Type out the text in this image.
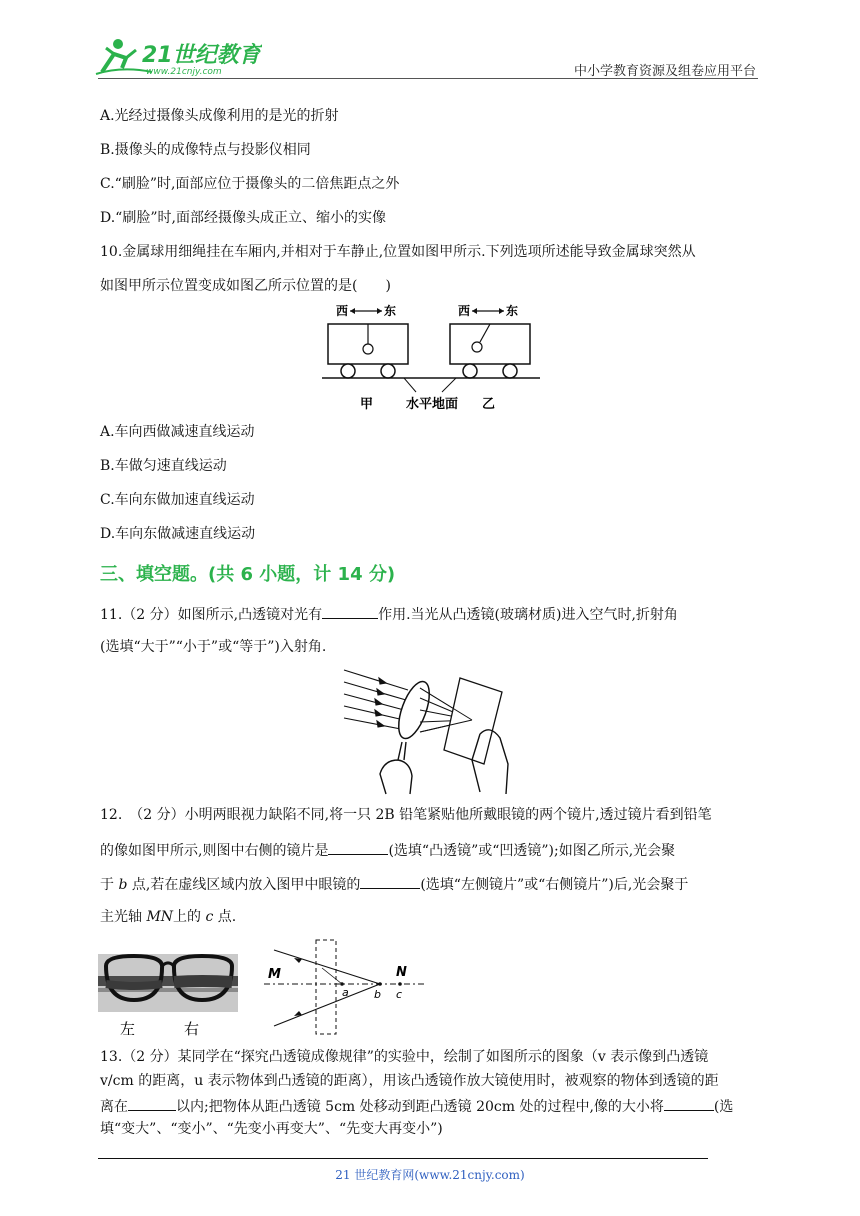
21世纪教育
www.21cnjy.com	中小学教育资源及组卷应用平台
A.光经过摄像头成像利用的是光的折射
B.摄像头的成像特点与投影仪相同
C.“刷脸”时,面部应位于摄像头的二倍焦距点之外
D.“刷脸”时,面部经摄像头成正立、缩小的实像
10.金属球用细绳挂在车厢内,并相对于车静止,位置如图甲所示.下列选项所述能导致金属球突然从
如图甲所示位置变成如图乙所示位置的是(　　)
西	东	西	东
甲	水平地面 乙
A.车向西做减速直线运动
B.车做匀速直线运动
C.车向东做加速直线运动
D.车向东做减速直线运动
三、填空题。(共 6 小题，计 14 分)
11.（2 分）如图所示,凸透镜对光有	作用.当光从凸透镜(玻璃材质)进入空气时,折射角
(选填“大于”“小于”或“等于”)入射角.
12.　（2 分）小明两眼视力缺陷不同,将一只 2B 铅笔紧贴他所戴眼镜的两个镜片,透过镜片看到铅笔
的像如图甲所示,则图中右侧的镜片是	(选填“凸透镜”或“凹透镜”);如图乙所示,光会聚
于 b 点,若在虚线区域内放入图甲中眼镜的	(选填“左侧镜片”或“右侧镜片”)后,光会聚于
主光轴 MN上的 c 点.
左	右
M	N
a b c
13.（2 分）某同学在“探究凸透镜成像规律”的实验中，绘制了如图所示的图象（v 表示像到凸透镜
v/cm 的距离，u 表示物体到凸透镜的距离），用该凸透镜作放大镜使用时，被观察的物体到透镜的距
离在	以内;把物体从距凸透镜 5cm 处移动到距凸透镜 20cm 处的过程中,像的大小将	(选
填“变大”、“变小”、“先变小再变大”、“先变大再变小”)
21 世纪教育网(www.21cnjy.com)
